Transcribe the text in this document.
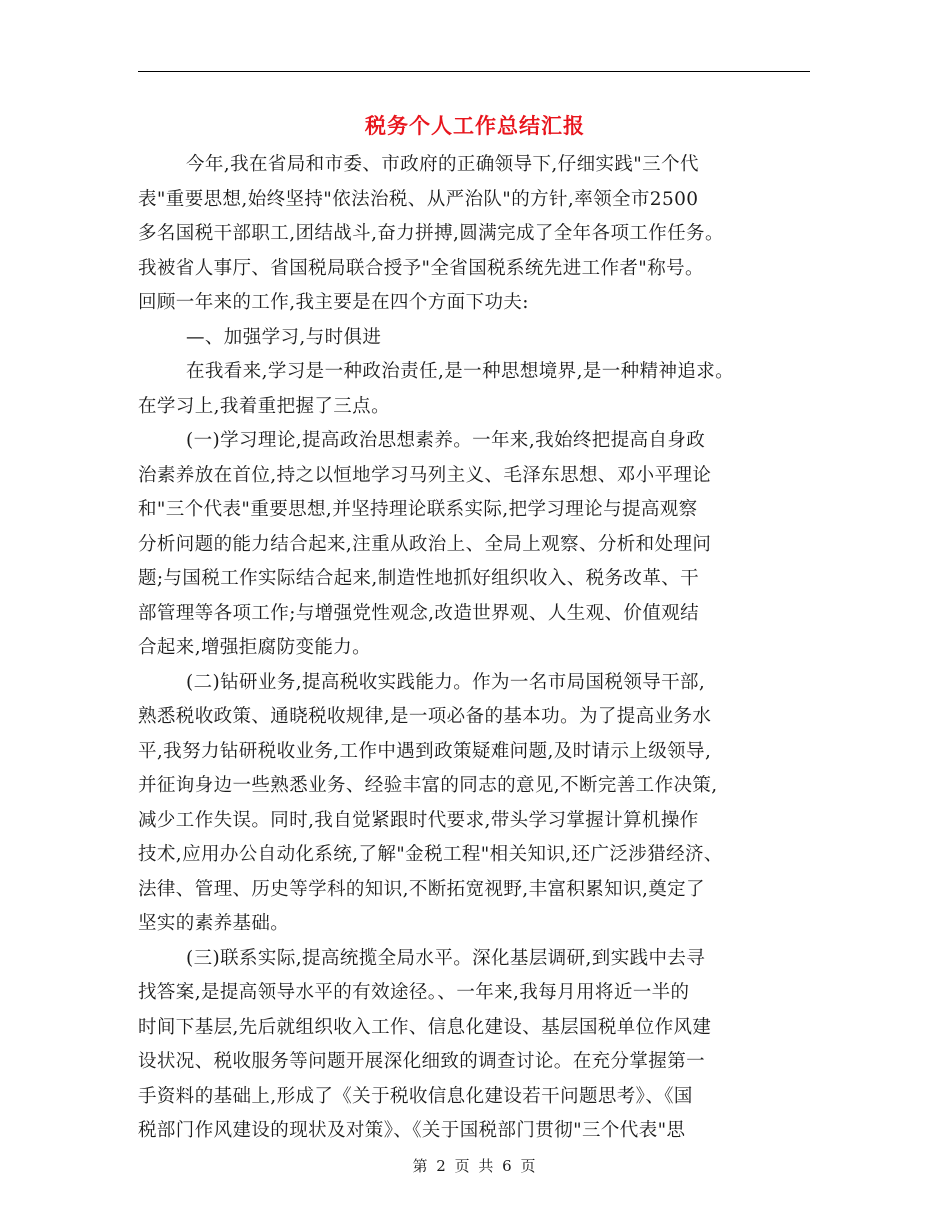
税务个人工作总结汇报
今年,我在省局和市委、市政府的正确领导下,仔细实践"三个代
表"重要思想,始终坚持"依法治税、从严治队"的方针,率领全市2500
多名国税干部职工,团结战斗,奋力拼搏,圆满完成了全年各项工作任务。
我被省人事厅、省国税局联合授予"全省国税系统先进工作者"称号。
回顾一年来的工作,我主要是在四个方面下功夫:
—、加强学习,与时俱进
在我看来,学习是一种政治责任,是一种思想境界,是一种精神追求。
在学习上,我着重把握了三点。
(一)学习理论,提高政治思想素养。一年来,我始终把提高自身政
治素养放在首位,持之以恒地学习马列主义、毛泽东思想、邓小平理论
和"三个代表"重要思想,并坚持理论联系实际,把学习理论与提高观察
分析问题的能力结合起来,注重从政治上、全局上观察、分析和处理问
题;与国税工作实际结合起来,制造性地抓好组织收入、税务改革、干
部管理等各项工作;与增强党性观念,改造世界观、人生观、价值观结
合起来,增强拒腐防变能力。
(二)钻研业务,提高税收实践能力。作为一名市局国税领导干部,
熟悉税收政策、通晓税收规律,是一项必备的基本功。为了提高业务水
平,我努力钻研税收业务,工作中遇到政策疑难问题,及时请示上级领导,
并征询身边一些熟悉业务、经验丰富的同志的意见,不断完善工作决策,
减少工作失误。同时,我自觉紧跟时代要求,带头学习掌握计算机操作
技术,应用办公自动化系统,了解"金税工程"相关知识,还广泛涉猎经济、
法律、管理、历史等学科的知识,不断拓宽视野,丰富积累知识,奠定了
坚实的素养基础。
(三)联系实际,提高统揽全局水平。深化基层调研,到实践中去寻
找答案,是提高领导水平的有效途径。、一年来,我每月用将近一半的
时间下基层,先后就组织收入工作、信息化建设、基层国税单位作风建
设状况、税收服务等问题开展深化细致的调查讨论。在充分掌握第一
手资料的基础上,形成了《关于税收信息化建设若干问题思考》、《国
税部门作风建设的现状及对策》、《关于国税部门贯彻"三个代表"思
第 2 页 共 6 页
